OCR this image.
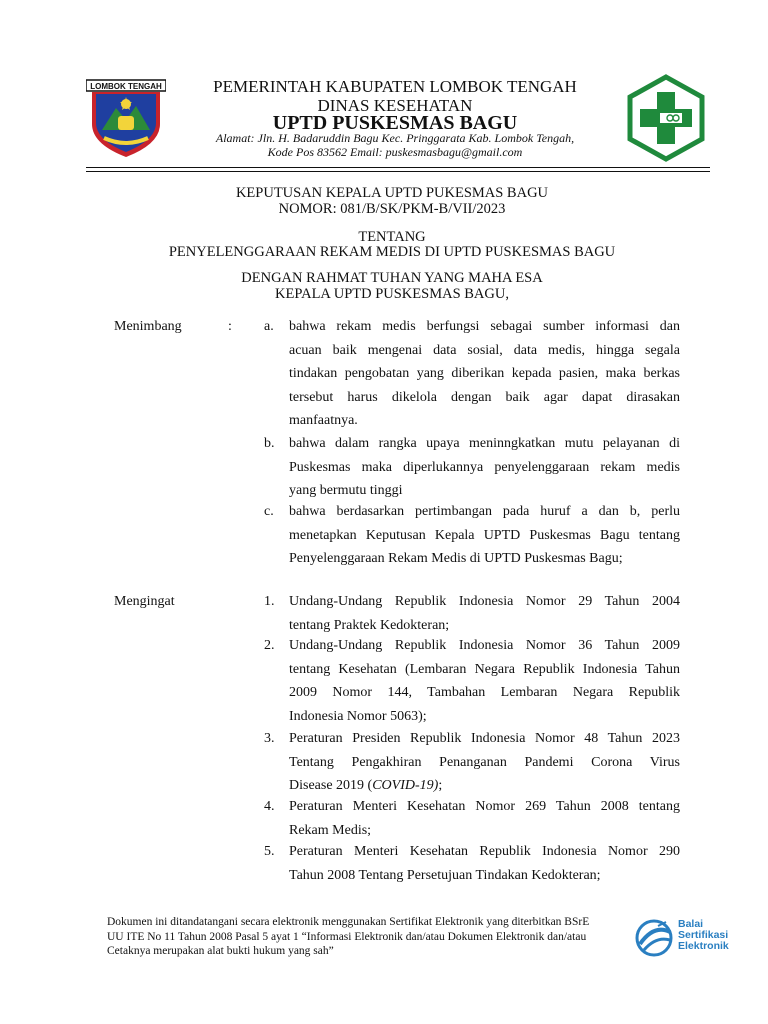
LOMBOK TENGAH	PEMERINTAH KABUPATEN LOMBOK TENGAH
DINAS KESEHATAN
UPTD PUSKESMAS BAGU
Alamat: Jln. H. Badaruddin Bagu Kec. Pringgarata Kab. Lombok Tengah,
Kode Pos 83562 Email: puskesmasbagu@gmail.com
KEPUTUSAN KEPALA UPTD PUKESMAS BAGU
NOMOR: 081/B/SK/PKM-B/VII/2023
TENTANG
PENYELENGGARAAN REKAM MEDIS DI UPTD PUSKESMAS BAGU
DENGAN RAHMAT TUHAN YANG MAHA ESA
KEPALA UPTD PUSKESMAS BAGU,
Menimbang	: a. bahwa rekam medis berfungsi sebagai sumber informasi dan
acuan baik mengenai data sosial, data medis, hingga segala
tindakan pengobatan yang diberikan kepada pasien, maka berkas
tersebut harus dikelola dengan baik agar dapat dirasakan
manfaatnya.
b. bahwa dalam rangka upaya meninngkatkan mutu pelayanan di
Puskesmas maka diperlukannya penyelenggaraan rekam medis
yang bermutu tinggi
c. bahwa berdasarkan pertimbangan pada huruf a dan b, perlu
menetapkan Keputusan Kepala UPTD Puskesmas Bagu tentang
Penyelenggaraan Rekam Medis di UPTD Puskesmas Bagu;
Mengingat	1. Undang-Undang Republik Indonesia Nomor 29 Tahun 2004
tentang Praktek Kedokteran;
2. Undang-Undang Republik Indonesia Nomor 36 Tahun 2009
tentang Kesehatan (Lembaran Negara Republik Indonesia Tahun
2009 Nomor 144, Tambahan Lembaran Negara Republik
Indonesia Nomor 5063);
3. Peraturan Presiden Republik Indonesia Nomor 48 Tahun 2023
Tentang Pengakhiran Penanganan Pandemi Corona Virus
Disease 2019 (COVID-19);
4. Peraturan Menteri Kesehatan Nomor 269 Tahun 2008 tentang
Rekam Medis;
5. Peraturan Menteri Kesehatan Republik Indonesia Nomor 290
Tahun 2008 Tentang Persetujuan Tindakan Kedokteran;
Dokumen ini ditandatangani secara elektronik menggunakan Sertifikat Elektronik yang diterbitkan BSrE
UU ITE No 11 Tahun 2008 Pasal 5 ayat 1 “Informasi Elektronik dan/atau Dokumen Elektronik dan/atau
Cetaknya merupakan alat bukti hukum yang sah”
Balai
Sertifikasi
Elektronik
